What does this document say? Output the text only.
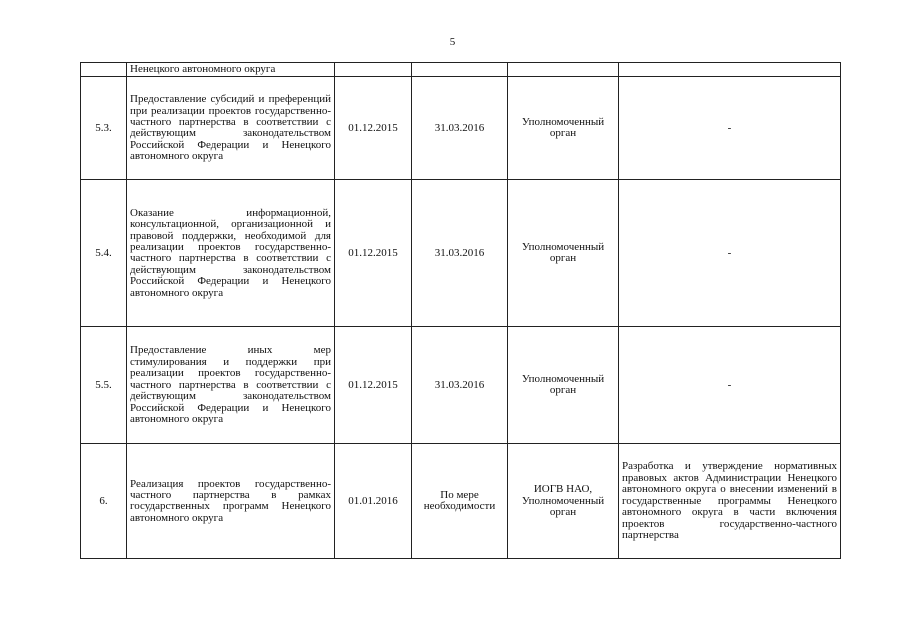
5
	Ненецкого автономного округа				
5.3.	Предоставление субсидий и преференций при реализации проектов государственно-частного партнерства в соответствии с действующим законодательством Российской Федерации и Ненецкого автономного округа	01.12.2015	31.03.2016	Уполномоченный орган	-
5.4.	Оказание информационной, консультационной, организационной и правовой поддержки, необходимой для реализации проектов государственно-частного партнерства в соответствии с действующим законодательством Российской Федерации и Ненецкого автономного округа	01.12.2015	31.03.2016	Уполномоченный орган	-
5.5.	Предоставление иных мер стимулирования и поддержки при реализации проектов государственно-частного партнерства в соответствии с действующим законодательством Российской Федерации и Ненецкого автономного округа	01.12.2015	31.03.2016	Уполномоченный орган	-
6.	Реализация проектов государственно-частного партнерства в рамках государственных программ Ненецкого автономного округа	01.01.2016	По мере необходимости	ИОГВ НАО, Уполномоченный орган	Разработка и утверждение нормативных правовых актов Администрации Ненецкого автономного округа о внесении изменений в государственные программы Ненецкого автономного округа в части включения проектов государственно-частного партнерства
